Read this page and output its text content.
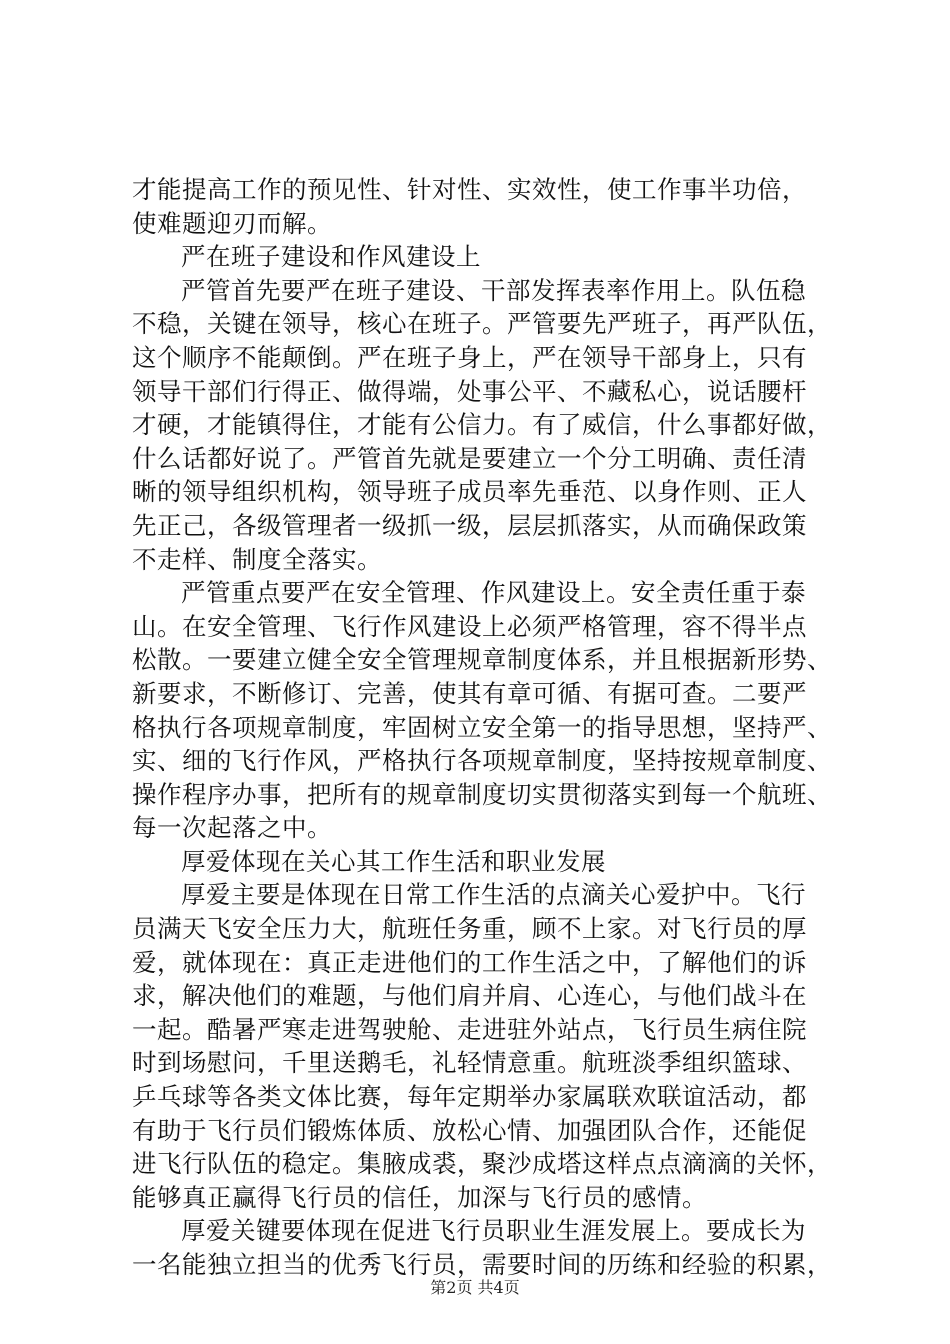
才能提高工作的预见性、针对性、实效性，使工作事半功倍，
使难题迎刃而解。
严在班子建设和作风建设上
严管首先要严在班子建设、干部发挥表率作用上。队伍稳
不稳，关键在领导，核心在班子。严管要先严班子，再严队伍，
这个顺序不能颠倒。严在班子身上，严在领导干部身上，只有
领导干部们行得正、做得端，处事公平、不藏私心，说话腰杆
才硬，才能镇得住，才能有公信力。有了威信，什么事都好做，
什么话都好说了。严管首先就是要建立一个分工明确、责任清
晰的领导组织机构，领导班子成员率先垂范、以身作则、正人
先正己，各级管理者一级抓一级，层层抓落实，从而确保政策
不走样、制度全落实。
严管重点要严在安全管理、作风建设上。安全责任重于泰
山。在安全管理、飞行作风建设上必须严格管理，容不得半点
松散。一要建立健全安全管理规章制度体系，并且根据新形势、
新要求，不断修订、完善，使其有章可循、有据可查。二要严
格执行各项规章制度，牢固树立安全第一的指导思想，坚持严、
实、细的飞行作风，严格执行各项规章制度，坚持按规章制度、
操作程序办事，把所有的规章制度切实贯彻落实到每一个航班、
每一次起落之中。
厚爱体现在关心其工作生活和职业发展
厚爱主要是体现在日常工作生活的点滴关心爱护中。飞行
员满天飞安全压力大，航班任务重，顾不上家。对飞行员的厚
爱，就体现在：真正走进他们的工作生活之中，了解他们的诉
求，解决他们的难题，与他们肩并肩、心连心，与他们战斗在
一起。酷暑严寒走进驾驶舱、走进驻外站点，飞行员生病住院
时到场慰问，千里送鹅毛，礼轻情意重。航班淡季组织篮球、
乒乓球等各类文体比赛，每年定期举办家属联欢联谊活动，都
有助于飞行员们锻炼体质、放松心情、加强团队合作，还能促
进飞行队伍的稳定。集腋成裘，聚沙成塔这样点点滴滴的关怀，
能够真正赢得飞行员的信任，加深与飞行员的感情。
厚爱关键要体现在促进飞行员职业生涯发展上。要成长为
一名能独立担当的优秀飞行员，需要时间的历练和经验的积累，
第2页 共4页
